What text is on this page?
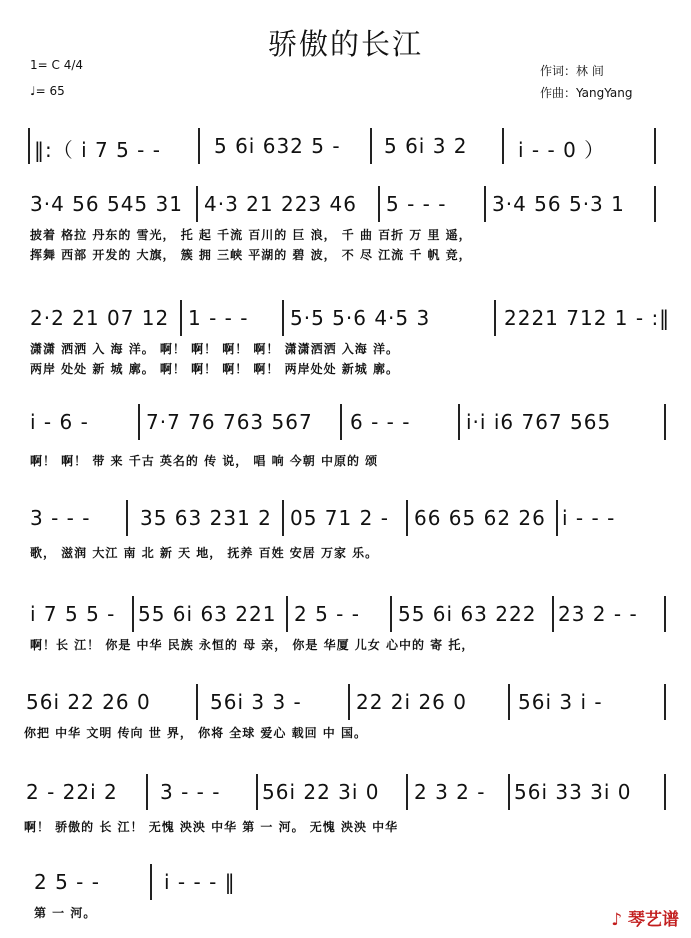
骄傲的长江
1= C 4/4
♩= 65
作词：林 间
作曲：YangYang
‖:（ i 7 5 - -	5 6i 632 5 - 5 6i 3 2	i - - 0 ）
3·4 56 545 31 4·3 21 223 46 5 - - - 3·4 56 5·3 1
披着 格拉 丹东的 雪光， 托 起 千流 百川的 巨 浪， 千 曲 百折 万 里 遥，
挥舞 西部 开发的 大旗， 簇 拥 三峡 平湖的 碧 波， 不 尽 江流 千 帆 竞，
2·2 21 07 12 1 - - - 5·5 5·6 4·5 3	2221 712 1 - :‖
潇潇 洒洒 入 海 洋。 啊！ 啊！ 啊！ 啊！ 潇潇洒洒 入海 洋。
两岸 处处 新 城 廓。 啊！ 啊！ 啊！ 啊！ 两岸处处 新城 廓。
i - 6 -	7·7 76 763 567 6 - - -	i·i i6 767 565
啊！ 啊！ 带 来 千古 英名的 传 说， 唱 响 今朝 中原的 颂
3 - - - 35 63 231 2 05 71 2 - 66 65 62 26 i - - -
歌， 滋润 大江 南 北 新 天 地， 抚养 百姓 安居 万家 乐。
i 7 5 5 - 55 6i 63 221 2 5 - - 55 6i 63 222 23 2 - -
啊！长 江！ 你是 中华 民族 永恒的 母 亲， 你是 华厦 儿女 心中的 寄 托，
56i 22 26 0	56i 3 3 -	22 2i 26 0	56i 3 i -
你把 中华 文明 传向 世 界， 你将 全球 爱心 载回 中 国。
2 - 22i 2 3 - - - 56i 22 3i 0 2 3 2 - 56i 33 3i 0
啊！ 骄傲的 长 江！ 无愧 泱泱 中华 第 一 河。 无愧 泱泱 中华
2 5 - -	i - - - ‖
第 一 河。	♪ 琴艺谱
